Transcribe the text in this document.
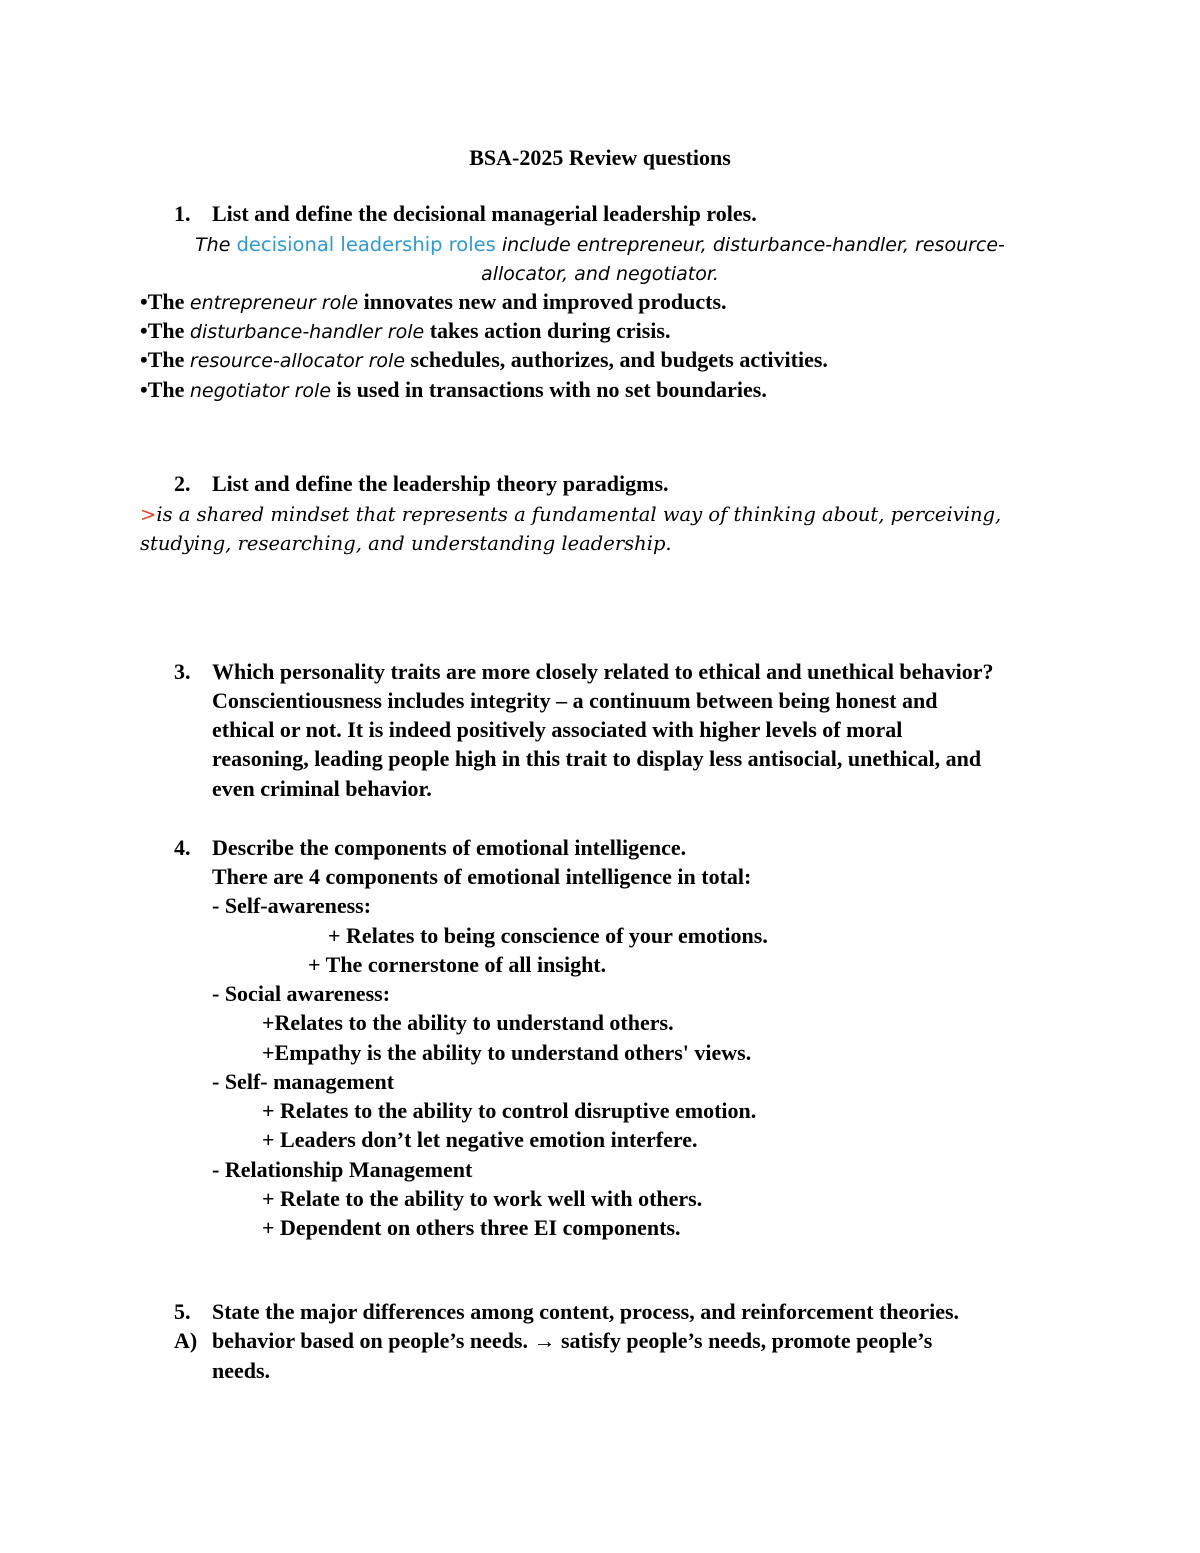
BSA-2025 Review questions
1. List and define the decisional managerial leadership roles.
The decisional leadership roles include entrepreneur, disturbance-handler, resource-
allocator, and negotiator.
•The entrepreneur role innovates new and improved products.
•The disturbance-handler role takes action during crisis.
•The resource-allocator role schedules, authorizes, and budgets activities.
•The negotiator role is used in transactions with no set boundaries.
2. List and define the leadership theory paradigms.
>is a shared mindset that represents a fundamental way of thinking about, perceiving,
studying, researching, and understanding leadership.
3. Which personality traits are more closely related to ethical and unethical behavior?
Conscientiousness includes integrity – a continuum between being honest and
ethical or not. It is indeed positively associated with higher levels of moral
reasoning, leading people high in this trait to display less antisocial, unethical, and
even criminal behavior.
4. Describe the components of emotional intelligence.
There are 4 components of emotional intelligence in total:
- Self-awareness:
+ Relates to being conscience of your emotions.
+ The cornerstone of all insight.
- Social awareness:
+Relates to the ability to understand others.
+Empathy is the ability to understand others' views.
- Self- management
+ Relates to the ability to control disruptive emotion.
+ Leaders don’t let negative emotion interfere.
- Relationship Management
+ Relate to the ability to work well with others.
+ Dependent on others three EI components.
5. State the major differences among content, process, and reinforcement theories.
A) behavior based on people’s needs. → satisfy people’s needs, promote people’s
needs.
